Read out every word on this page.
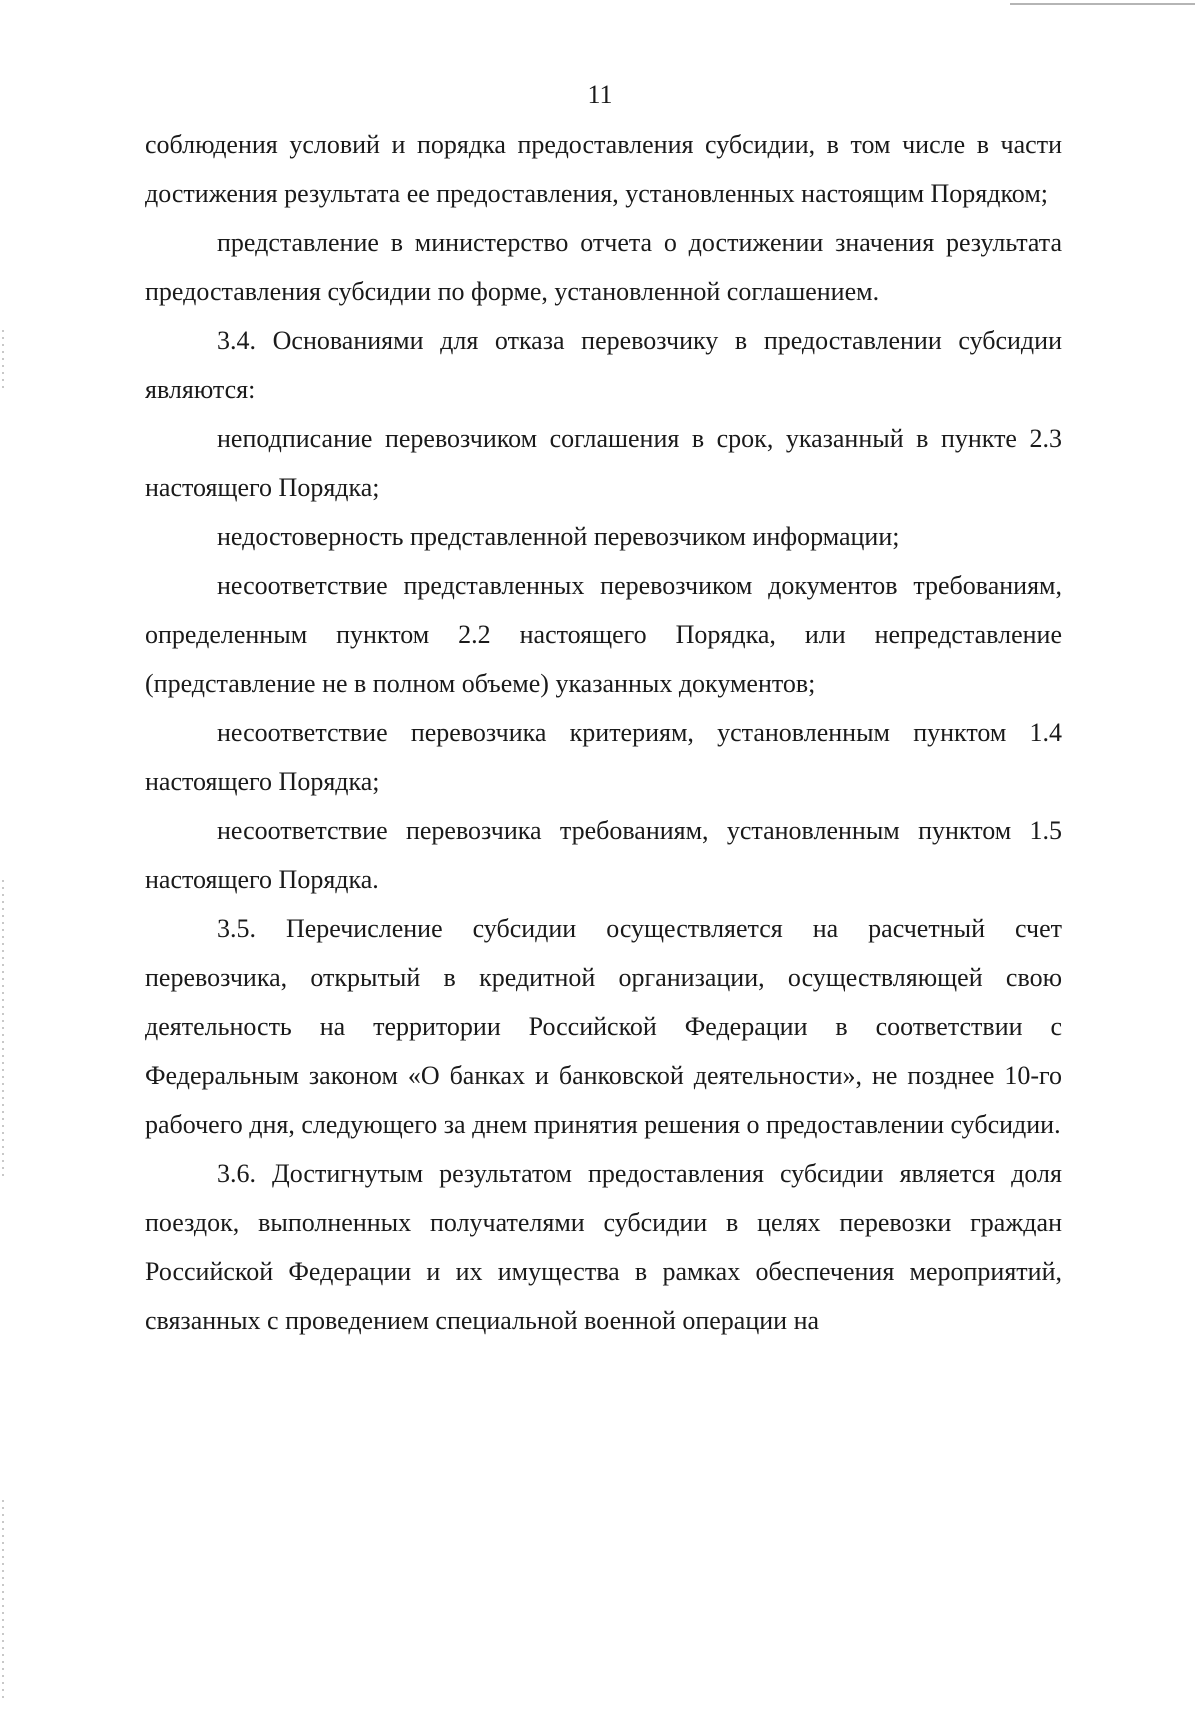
11

соблюдения условий и порядка предоставления субсидии, в том числе в части достижения результата ее предоставления, установленных настоящим Порядком;

представление в министерство отчета о достижении значения результата предоставления субсидии по форме, установленной соглашением.

3.4. Основаниями для отказа перевозчику в предоставлении субсидии являются:

неподписание перевозчиком соглашения в срок, указанный в пункте 2.3 настоящего Порядка;

недостоверность представленной перевозчиком информации;

несоответствие представленных перевозчиком документов требованиям, определенным пунктом 2.2 настоящего Порядка, или непредставление (представление не в полном объеме) указанных документов;

несоответствие перевозчика критериям, установленным пунктом 1.4 настоящего Порядка;

несоответствие перевозчика требованиям, установленным пунктом 1.5 настоящего Порядка.

3.5. Перечисление субсидии осуществляется на расчетный счет перевозчика, открытый в кредитной организации, осуществляющей свою деятельность на территории Российской Федерации в соответствии с Федеральным законом «О банках и банковской деятельности», не позднее 10-го рабочего дня, следующего за днем принятия решения о предоставлении субсидии.

3.6. Достигнутым результатом предоставления субсидии является доля поездок, выполненных получателями субсидии в целях перевозки граждан Российской Федерации и их имущества в рамках обеспечения мероприятий, связанных с проведением специальной военной операции на
